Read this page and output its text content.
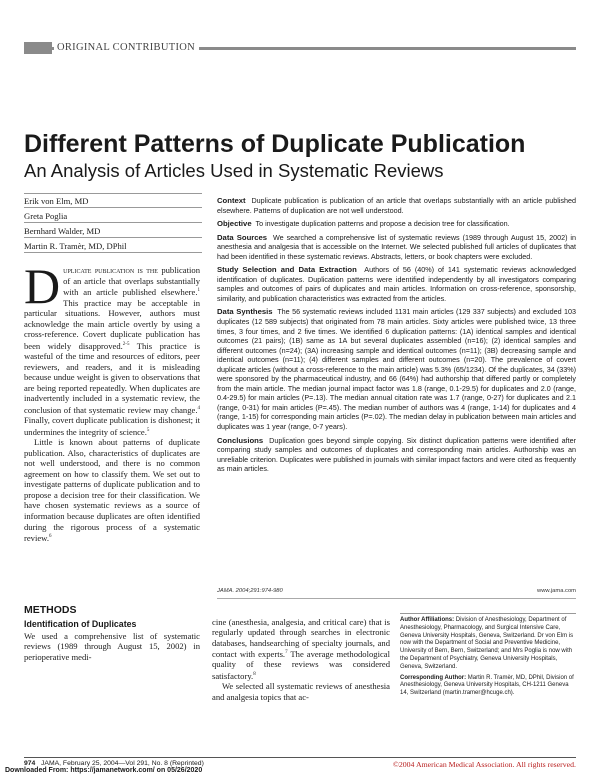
ORIGINAL CONTRIBUTION
Different Patterns of Duplicate Publication
An Analysis of Articles Used in Systematic Reviews
Erik von Elm, MD
Greta Poglia
Bernhard Walder, MD
Martin R. Tramèr, MD, DPhil

Duplicate publication is the publication of an article that overlaps substantially with an article published elsewhere.$^1$ This practice may be acceptable in particular situations. However, authors must acknowledge the main article overtly by using a cross-reference. Covert duplicate publication has been widely disapproved.$^{2-5}$ This practice is wasteful of the time and resources of editors, peer reviewers, and readers, and it is misleading because undue weight is given to observations that are being reported repeatedly. When duplicates are inadvertently included in a systematic review, the conclusion of that systematic review may change.$^4$ Finally, covert duplicate publication is dishonest; it undermines the integrity of science.$^5$

Little is known about patterns of duplicate publication. Also, characteristics of duplicates are not well understood, and there is no common agreement on how to classify them. We set out to investigate patterns of duplicate publication and to propose a decision tree for their classification. We have chosen systematic reviews as a source of information because duplicates are often identified during the rigorous process of a systematic review.$^6$

Context Duplicate publication is publication of an article that overlaps substantially with an article published elsewhere. Patterns of duplication are not well understood.

Objective To investigate duplication patterns and propose a decision tree for classification.

Data Sources We searched a comprehensive list of systematic reviews (1989 through August 15, 2002) in anesthesia and analgesia that is accessible on the Internet. We selected published full articles of duplicates that had been identified in these systematic reviews. Abstracts, letters, or book chapters were excluded.

Study Selection and Data Extraction Authors of 56 (40%) of 141 systematic reviews acknowledged identification of duplicates. Duplication patterns were identified independently by all investigators comparing samples and outcomes of pairs of duplicates and main articles. Information on cross-reference, sponsorship, similarity, and publication characteristics was extracted from the articles.

Data Synthesis The 56 systematic reviews included 1131 main articles (129 337 subjects) and excluded 103 duplicates (12 589 subjects) that originated from 78 main articles. Sixty articles were published twice, 13 three times, 3 four times, and 2 five times. We identified 6 duplication patterns: (1A) identical samples and identical outcomes (21 pairs); (1B) same as 1A but several duplicates assembled (n=16); (2) identical samples and different outcomes (n=24); (3A) increasing sample and identical outcomes (n=11); (3B) decreasing sample and identical outcomes (n=11); (4) different samples and different outcomes (n=20). The prevalence of covert duplicate articles (without a cross-reference to the main article) was 5.3% (65/1234). Of the duplicates, 34 (33%) were sponsored by the pharmaceutical industry, and 66 (64%) had authorship that differed partly or completely from the main article. The median journal impact factor was 1.8 (range, 0.1-29.5) for duplicates and 2.0 (range, 0.4-29.5) for main articles (P=.13). The median annual citation rate was 1.7 (range, 0-27) for duplicates and 2.1 (range, 0-31) for main articles (P=.45). The median number of authors was 4 (range, 1-14) for duplicates and 4 (range, 1-15) for corresponding main articles (P=.02). The median delay in publication between main articles and duplicates was 1 year (range, 0-7 years).

Conclusions Duplication goes beyond simple copying. Six distinct duplication patterns were identified after comparing study samples and outcomes of duplicates and corresponding main articles. Authorship was an unreliable criterion. Duplicates were published in journals with similar impact factors and were cited as frequently as main articles.

JAMA. 2004;291:974-980	www.jama.com
METHODS
Identification of Duplicates

We used a comprehensive list of systematic reviews (1989 through August 15, 2002) in perioperative medi-

cine (anesthesia, analgesia, and critical care) that is regularly updated through searches in electronic databases, handsearching of specialty journals, and contact with experts.$^7$ The average methodological quality of these reviews was considered satisfactory.$^8$

We selected all systematic reviews of anesthesia and analgesia topics that ac-

Author Affiliations: Division of Anesthesiology, Department of Anesthesiology, Pharmacology, and Surgical Intensive Care, Geneva University Hospitals, Geneva, Switzerland. Dr von Elm is now with the Department of Social and Preventive Medicine, University of Bern, Bern, Switzerland; and Mrs Poglia is now with the Department of Psychiatry, Geneva University Hospitals, Geneva, Switzerland.

Corresponding Author: Martin R. Tramèr, MD, DPhil, Division of Anesthesiology, Geneva University Hospitals, CH-1211 Geneva 14, Switzerland (martin.tramer@hcuge.ch).

974 JAMA, February 25, 2004—Vol 291, No. 8 (Reprinted)	©2004 American Medical Association. All rights reserved.
Downloaded From: https://jamanetwork.com/ on 05/26/2020
